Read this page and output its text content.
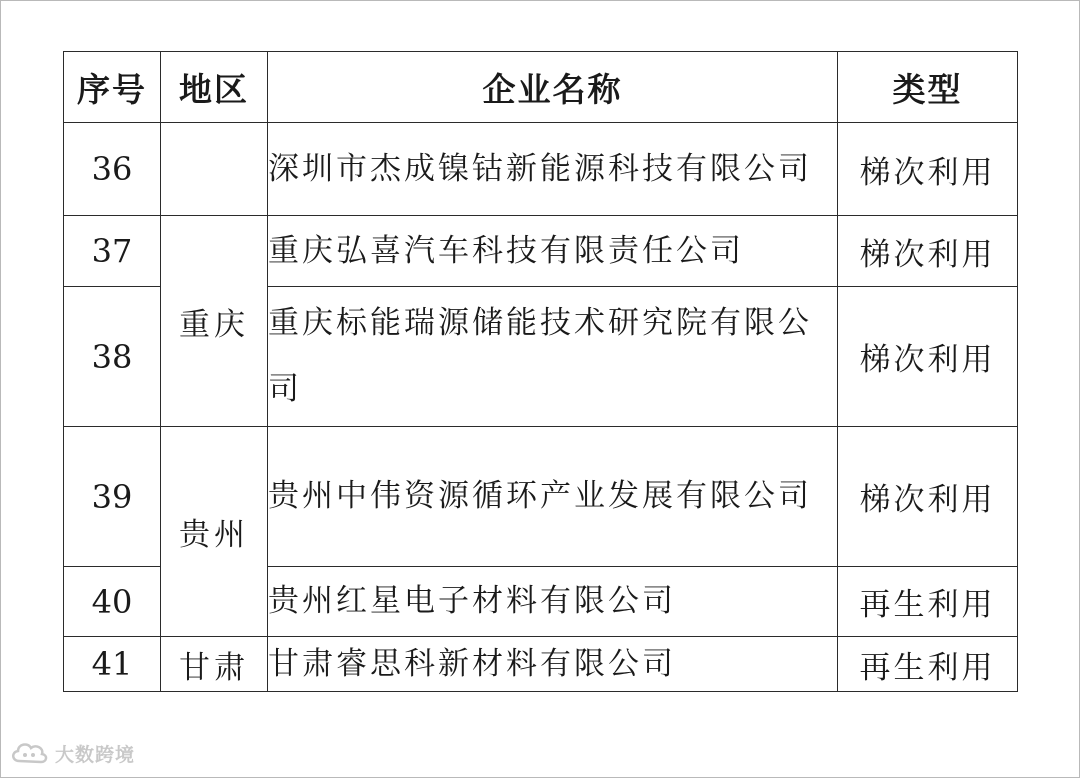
序号	地区	企业名称	类型
36		深圳市杰成镍钴新能源科技有限公司	梯次利用
37	重庆	重庆弘喜汽车科技有限责任公司	梯次利用
38		重庆标能瑞源储能技术研究院有限公司	梯次利用
39	贵州	贵州中伟资源循环产业发展有限公司	梯次利用
40		贵州红星电子材料有限公司	再生利用
41	甘肃	甘肃睿思科新材料有限公司	再生利用
大数跨境
